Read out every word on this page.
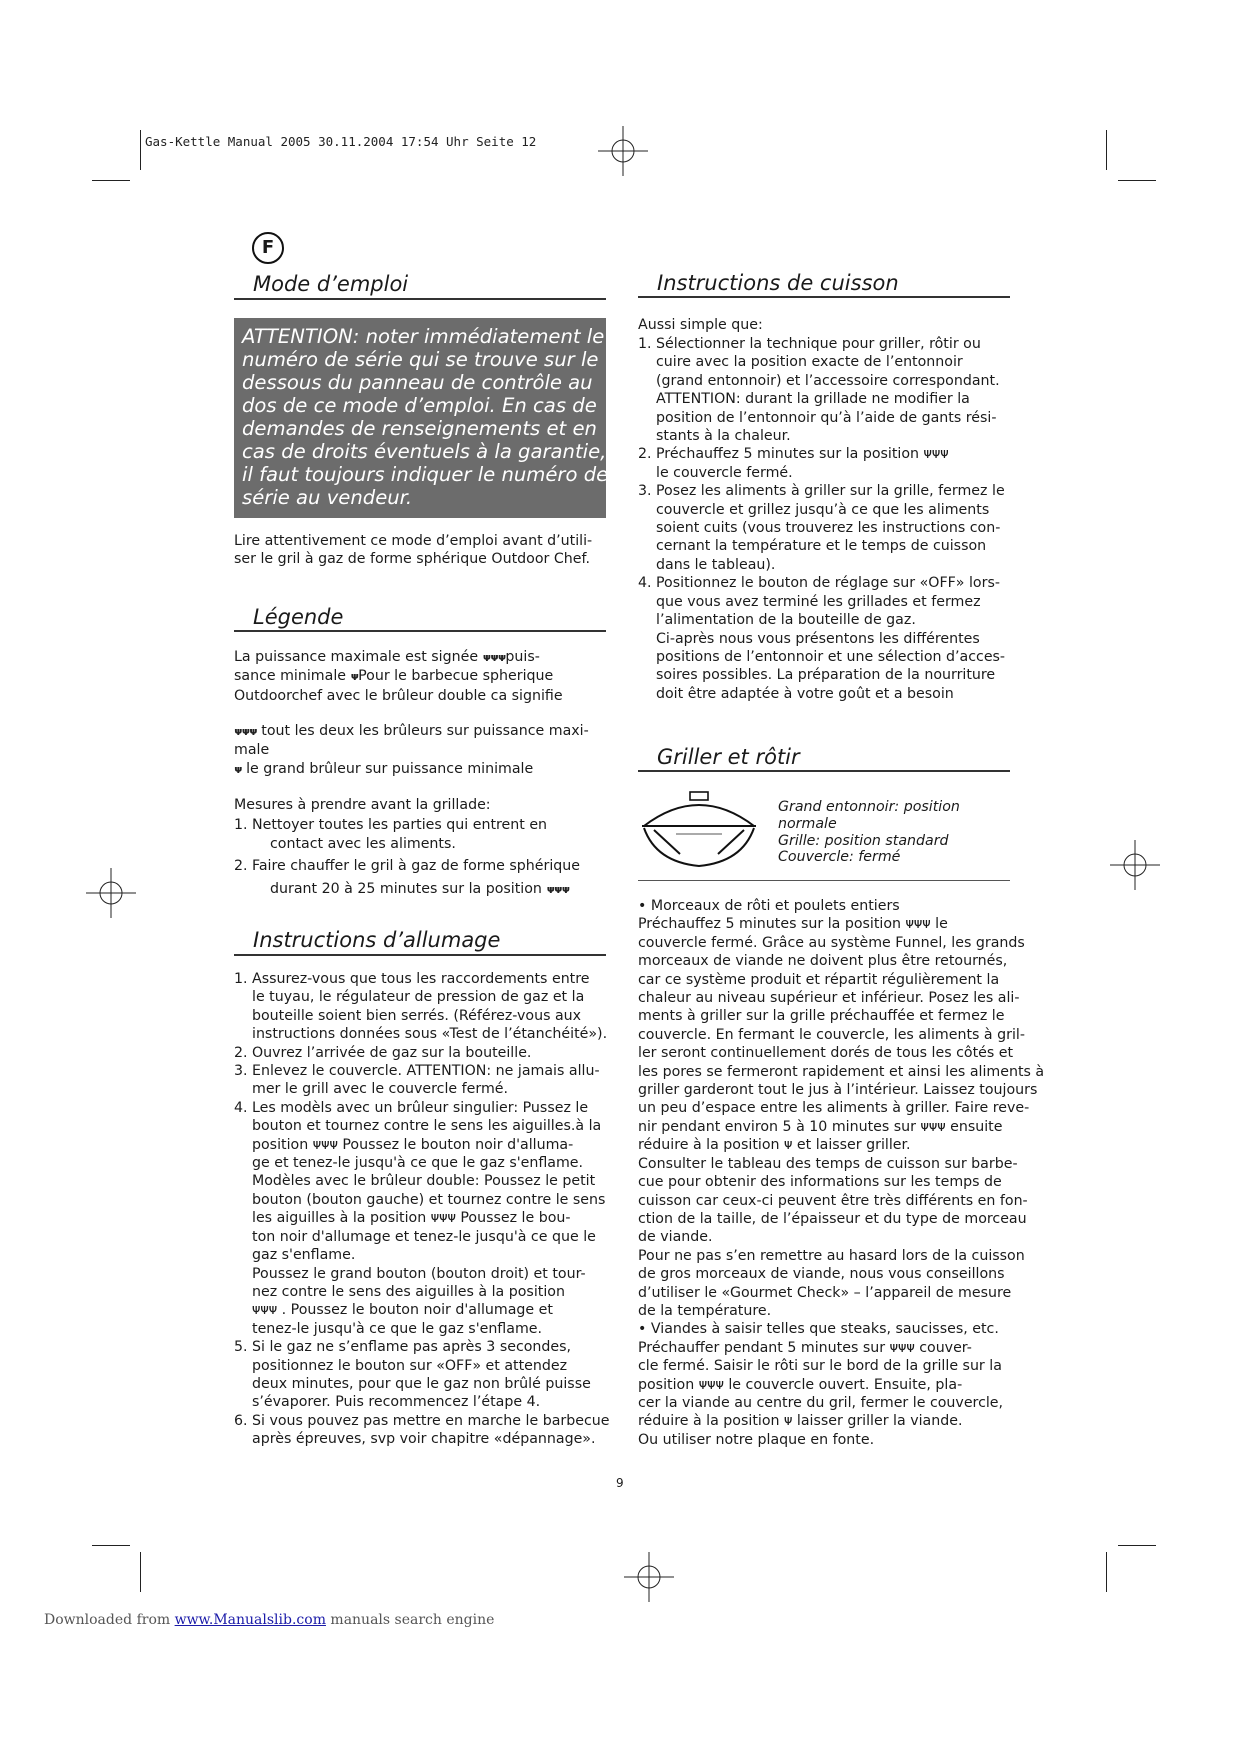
Gas-Kettle Manual 2005 30.11.2004 17:54 Uhr Seite 12
F
Mode d’emploi
ATTENTION: noter immédiatement le
numéro de série qui se trouve sur le
dessous du panneau de contrôle au
dos de ce mode d’emploi. En cas de
demandes de renseignements et en
cas de droits éventuels à la garantie,
il faut toujours indiquer le numéro de
série au vendeur.
Lire attentivement ce mode d’emploi avant d’utili-
ser le gril à gaz de forme sphérique Outdoor Chef.
Légende
La puissance maximale est signée ᴪᴪᴪpuis-
sance minimale ᴪPour le barbecue spherique
Outdoorchef avec le brûleur double ca signifie
ᴪᴪᴪ tout les deux les brûleurs sur puissance maxi-
male
ᴪ le grand brûleur sur puissance minimale
Mesures à prendre avant la grillade:
1. Nettoyer toutes les parties qui entrent en
contact avec les aliments.
2. Faire chauffer le gril à gaz de forme sphérique
durant 20 à 25 minutes sur la position ᴪᴪᴪ
Instructions d’allumage
1. Assurez-vous que tous les raccordements entre
le tuyau, le régulateur de pression de gaz et la
bouteille soient bien serrés. (Référez-vous aux
instructions données sous «Test de l’étanchéité»).
2. Ouvrez l’arrivée de gaz sur la bouteille.
3. Enlevez le couvercle. ATTENTION: ne jamais allu-
mer le grill avec le couvercle fermé.
4. Les modèls avec un brûleur singulier: Pussez le
bouton et tournez contre le sens les aiguilles.à la
position ᴪᴪᴪ Poussez le bouton noir d'alluma-
ge et tenez-le jusqu'à ce que le gaz s'enflame.
Modèles avec le brûleur double: Poussez le petit
bouton (bouton gauche) et tournez contre le sens
les aiguilles à la position ᴪᴪᴪ Poussez le bou-
ton noir d'allumage et tenez-le jusqu'à ce que le
gaz s'enflame.
Poussez le grand bouton (bouton droit) et tour-
nez contre le sens des aiguilles à la position
ᴪᴪᴪ . Poussez le bouton noir d'allumage et
tenez-le jusqu'à ce que le gaz s'enflame.
5. Si le gaz ne s’enflame pas après 3 secondes,
positionnez le bouton sur «OFF» et attendez
deux minutes, pour que le gaz non brûlé puisse
s’évaporer. Puis recommencez l’étape 4.
6. Si vous pouvez pas mettre en marche le barbecue
après épreuves, svp voir chapitre «dépannage».
Instructions de cuisson
Aussi simple que:
1. Sélectionner la technique pour griller, rôtir ou
cuire avec la position exacte de l’entonnoir
(grand entonnoir) et l’accessoire correspondant.
ATTENTION: durant la grillade ne modifier la
position de l’entonnoir qu’à l’aide de gants rési-
stants à la chaleur.
2. Préchauffez 5 minutes sur la position ᴪᴪᴪ
le couvercle fermé.
3. Posez les aliments à griller sur la grille, fermez le
couvercle et grillez jusqu’à ce que les aliments
soient cuits (vous trouverez les instructions con-
cernant la température et le temps de cuisson
dans le tableau).
4. Positionnez le bouton de réglage sur «OFF» lors-
que vous avez terminé les grillades et fermez
l’alimentation de la bouteille de gaz.
Ci-après nous vous présentons les différentes
positions de l’entonnoir et une sélection d’acces-
soires possibles. La préparation de la nourriture
doit être adaptée à votre goût et a besoin
Griller et rôtir
Grand entonnoir: position
normale
Grille: position standard
Couvercle: fermé
• Morceaux de rôti et poulets entiers
Préchauffez 5 minutes sur la position ᴪᴪᴪ le
couvercle fermé. Grâce au système Funnel, les grands
morceaux de viande ne doivent plus être retournés,
car ce système produit et répartit régulièrement la
chaleur au niveau supérieur et inférieur. Posez les ali-
ments à griller sur la grille préchauffée et fermez le
couvercle. En fermant le couvercle, les aliments à gril-
ler seront continuellement dorés de tous les côtés et
les pores se fermeront rapidement et ainsi les aliments à
griller garderont tout le jus à l’intérieur. Laissez toujours
un peu d’espace entre les aliments à griller. Faire reve-
nir pendant environ 5 à 10 minutes sur ᴪᴪᴪ ensuite
réduire à la position ᴪ et laisser griller.
Consulter le tableau des temps de cuisson sur barbe-
cue pour obtenir des informations sur les temps de
cuisson car ceux-ci peuvent être très différents en fon-
ction de la taille, de l’épaisseur et du type de morceau
de viande.
Pour ne pas s’en remettre au hasard lors de la cuisson
de gros morceaux de viande, nous vous conseillons
d’utiliser le «Gourmet Check» – l’appareil de mesure
de la température.
• Viandes à saisir telles que steaks, saucisses, etc.
Préchauffer pendant 5 minutes sur ᴪᴪᴪ couver-
cle fermé. Saisir le rôti sur le bord de la grille sur la
position ᴪᴪᴪ le couvercle ouvert. Ensuite, pla-
cer la viande au centre du gril, fermer le couvercle,
réduire à la position ᴪ laisser griller la viande.
Ou utiliser notre plaque en fonte.
9
Downloaded from www.Manualslib.com manuals search engine
